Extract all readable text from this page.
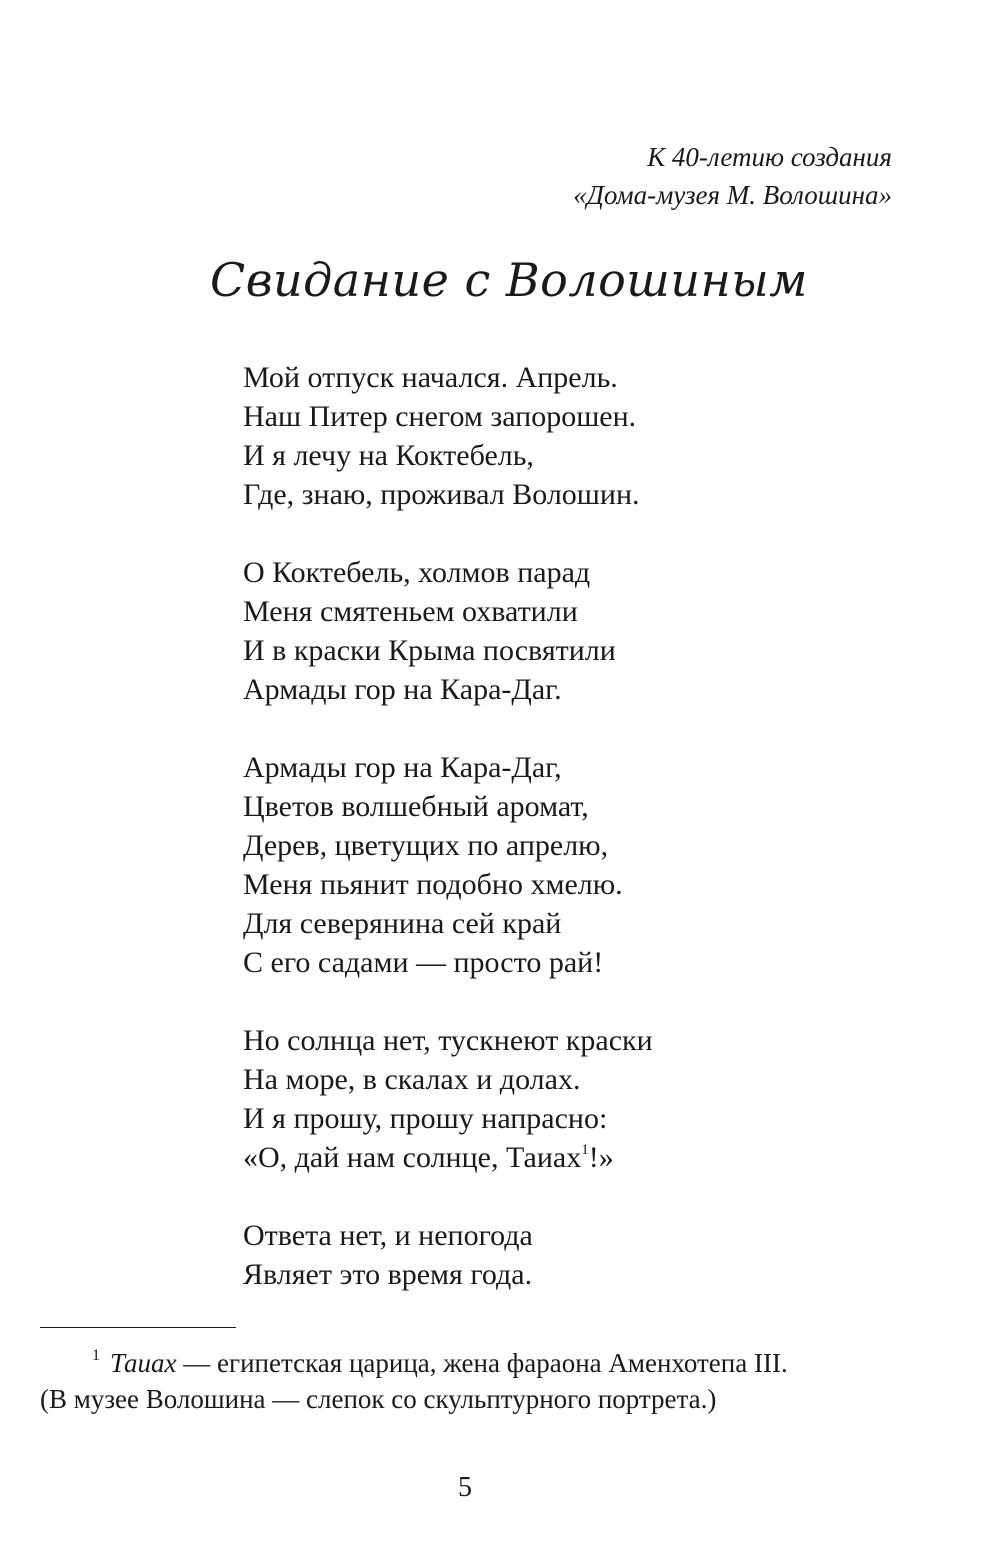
К 40-летию создания
«Дома-музея М. Волошина»
Свидание с Волошиным
Мой отпуск начался. Апрель.
Наш Питер снегом запорошен.
И я лечу на Коктебель,
Где, знаю, проживал Волошин.
О Коктебель, холмов парад
Меня смятеньем охватили
И в краски Крыма посвятили
Армады гор на Кара-Даг.
Армады гор на Кара-Даг,
Цветов волшебный аромат,
Дерев, цветущих по апрелю,
Меня пьянит подобно хмелю.
Для северянина сей край
С его садами — просто рай!
Но солнца нет, тускнеют краски
На море, в скалах и долах.
И я прошу, прошу напрасно:
«О, дай нам солнце, Таиах$^1$!»
Ответа нет, и непогода
Являет это время года.
$^1$ Таиах — египетская царица, жена фараона Аменхотепа III.
(В музее Волошина — слепок со скульптурного портрета.)
5
